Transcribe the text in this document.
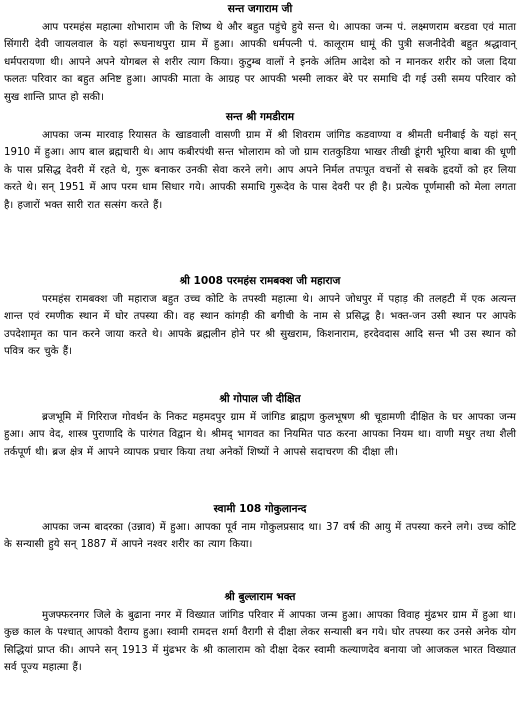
सन्त जगाराम जी

आप परमहंस महात्मा शोभाराम जी के शिष्य थे और बहुत पहुंचे हुये सन्त थे। आपका जन्म पं. लक्ष्मणराम बरडवा एवं माता सिंगारी देवी जायलवाल के यहां रूघनाथपुरा ग्राम में हुआ। आपकी धर्मपत्नी पं. कालूराम धामूं की पुत्री सजनीदेवी बहुत श्रद्धावान् धर्मपरायणा थी। आपने अपने योगबल से शरीर त्याग किया। कुटुम्ब वालों ने इनके अंतिम आदेश को न मानकर शरीर को जला दिया फलतः परिवार का बहुत अनिष्ट हुआ। आपकी माता के आग्रह पर आपकी भस्मी लाकर बेरे पर समाधि दी गई उसी समय परिवार को सुख शान्ति प्राप्त हो सकी।

सन्त श्री गमडीराम

आपका जन्म मारवाड़ रियासत के खाडवाली वासणी ग्राम में श्री शिवराम जांगिड कडवाण्या व श्रीमती धनीबाई के यहां सन् 1910 में हुआ। आप बाल ब्रह्मचारी थे। आप कबीरपंथी सन्त भोलाराम को जो ग्राम रातकुडिया भाखर तीखी डूंगरी भूरिया बाबा की धूणी के पास प्रसिद्ध देवरी में रहते थे, गुरू बनाकर उनकी सेवा करने लगे। आप अपने निर्मल तपःपूत वचनों से सबके हृदयों को हर लिया करते थे। सन् 1951 में आप परम धाम सिधार गये। आपकी समाधि गुरूदेव के पास देवरी पर ही है। प्रत्येक पूर्णमासी को मेला लगता है। हजारों भक्त सारी रात सत्संग करते हैं।

श्री 1008 परमहंस रामबक्श जी महाराज

परमहंस रामबक्श जी महाराज बहुत उच्च कोटि के तपस्वी महात्मा थे। आपने जोधपुर में पहाड़ की तलहटी में एक अत्यन्त शान्त एवं रमणीक स्थान में घोर तपस्या की। वह स्थान कांगड़ी की बगीची के नाम से प्रसिद्ध है। भक्त-जन उसी स्थान पर आपके उपदेशामृत का पान करने जाया करते थे। आपके ब्रह्मलीन होने पर श्री सुखराम, किशनाराम, हरदेवदास आदि सन्त भी उस स्थान को पवित्र कर चुके हैं।

श्री गोपाल जी दीक्षित

ब्रजभूमि में गिरिराज गोवर्धन के निकट महमदपुर ग्राम में जांगिड ब्राह्मण कुलभूषण श्री चूडामणी दीक्षित के घर आपका जन्म हुआ। आप वेद, शास्त्र पुराणादि के पारंगत विद्वान थे। श्रीमद् भागवत का नियमित पाठ करना आपका नियम था। वाणी मधुर तथा शैली तर्कपूर्ण थी। ब्रज क्षेत्र में आपने व्यापक प्रचार किया तथा अनेकों शिष्यों ने आपसे सदाचरण की दीक्षा ली।

स्वामी 108 गोकुलानन्द

आपका जन्म बादरका (उन्नाव) में हुआ। आपका पूर्व नाम गोकुलप्रसाद था। 37 वर्ष की आयु में तपस्या करने लगे। उच्च कोटि के सन्यासी हुये सन् 1887 में आपने नश्वर शरीर का त्याग किया।

श्री बुल्लाराम भक्त

मुजफ्फरनगर जिले के बुढाना नगर में विख्यात जांगिड परिवार में आपका जन्म हुआ। आपका विवाह मुंढभर ग्राम में हुआ था। कुछ काल के पश्चात् आपको वैराग्य हुआ। स्वामी रामदत्त शर्मा वैरागी से दीक्षा लेकर सन्यासी बन गये। घोर तपस्या कर उनसे अनेक योग सिद्धियां प्राप्त की। आपने सन् 1913 में मुंढभर के श्री कालाराम को दीक्षा देकर स्वामी कल्याणदेव बनाया जो आजकल भारत विख्यात सर्व पूज्य महात्मा हैं।
